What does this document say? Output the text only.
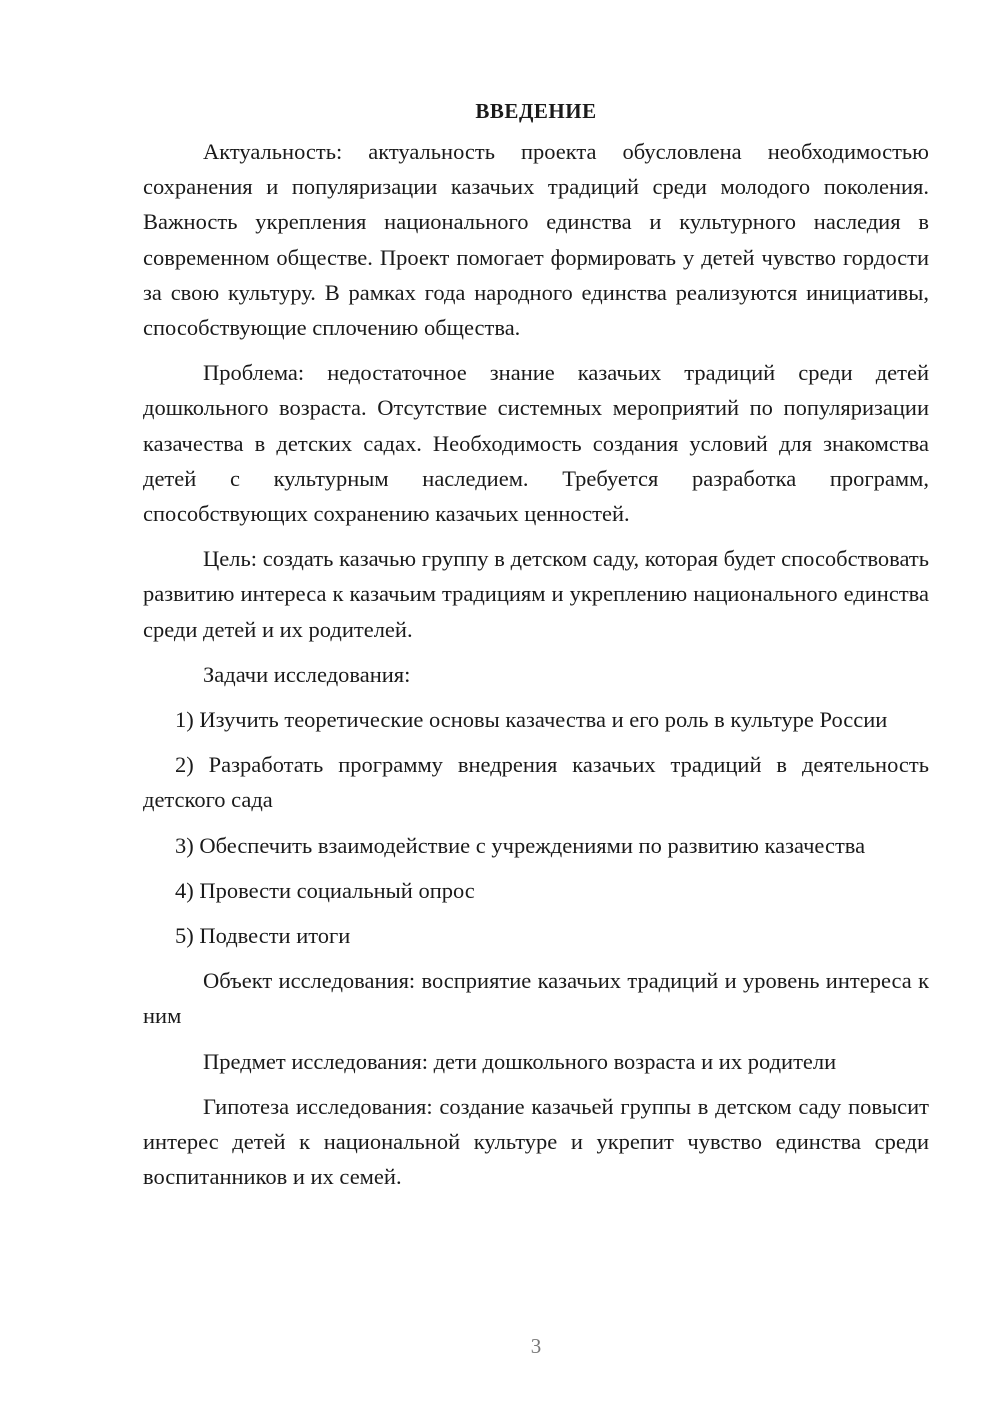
ВВЕДЕНИЕ

Актуальность: актуальность проекта обусловлена необходимостью сохранения и популяризации казачьих традиций среди молодого поколения. Важность укрепления национального единства и культурного наследия в современном обществе. Проект помогает формировать у детей чувство гордости за свою культуру. В рамках года народного единства реализуются инициативы, способствующие сплочению общества.

Проблема: недостаточное знание казачьих традиций среди детей дошкольного возраста. Отсутствие системных мероприятий по популяризации казачества в детских садах. Необходимость создания условий для знакомства детей с культурным наследием. Требуется разработка программ, способствующих сохранению казачьих ценностей.

Цель: создать казачью группу в детском саду, которая будет способствовать развитию интереса к казачьим традициям и укреплению национального единства среди детей и их родителей.

Задачи исследования:

1) Изучить теоретические основы казачества и его роль в культуре России

2) Разработать программу внедрения казачьих традиций в деятельность детского сада

3) Обеспечить взаимодействие с учреждениями по развитию казачества

4) Провести социальный опрос

5) Подвести итоги

Объект исследования: восприятие казачьих традиций и уровень интереса к ним

Предмет исследования: дети дошкольного возраста и их родители

Гипотеза исследования: создание казачьей группы в детском саду повысит интерес детей к национальной культуре и укрепит чувство единства среди воспитанников и их семей.

3
